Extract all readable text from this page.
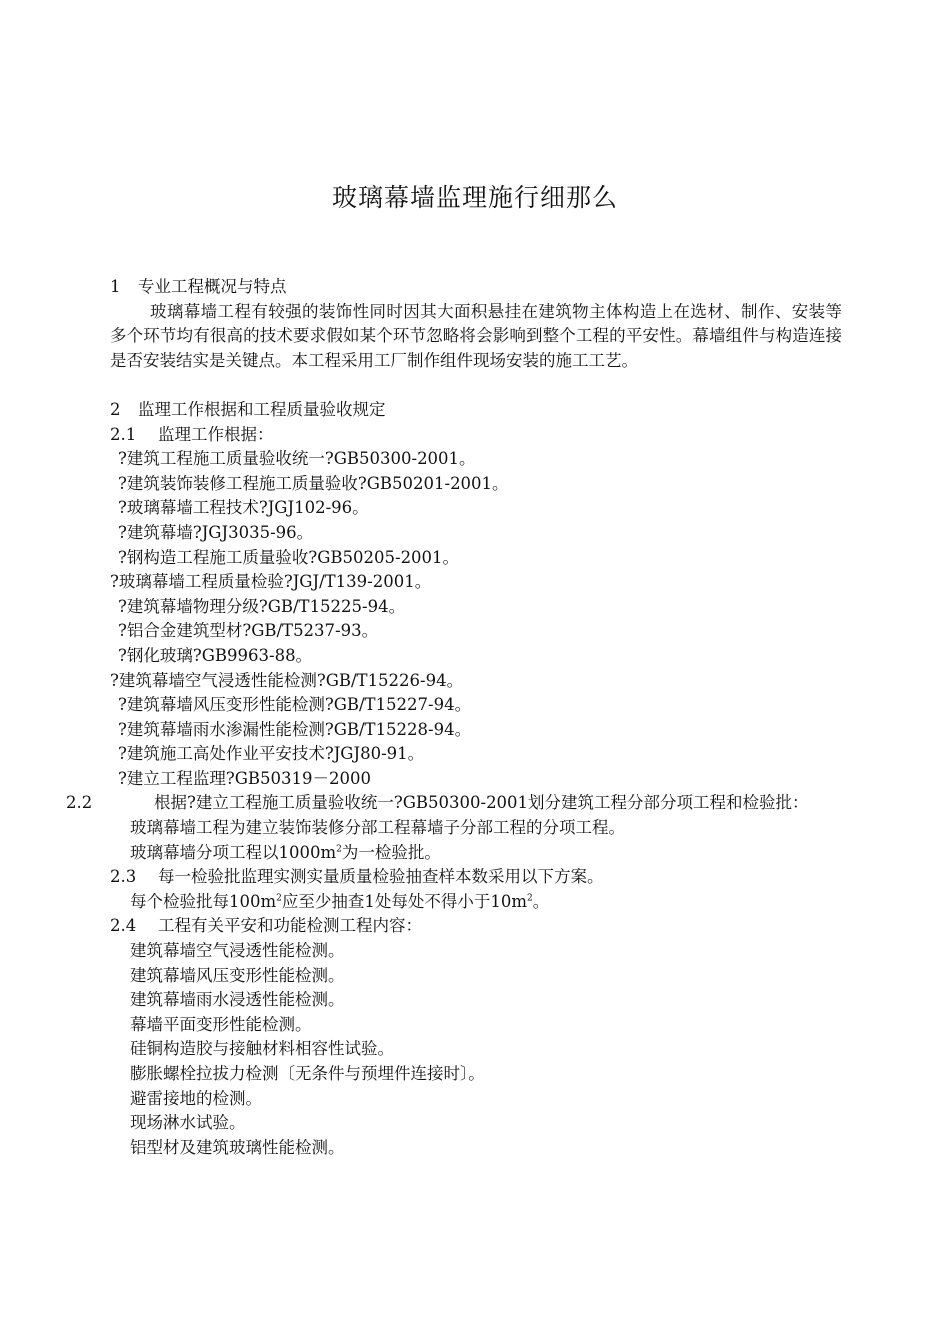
玻璃幕墙监理施行细那么
1 专业工程概况与特点
玻璃幕墙工程有较强的装饰性同时因其大面积悬挂在建筑物主体构造上在选材、制作、安装等多个环节均有很高的技术要求假如某个环节忽略将会影响到整个工程的平安性。幕墙组件与构造连接是否安装结实是关键点。本工程采用工厂制作组件现场安装的施工工艺。
2 监理工作根据和工程质量验收规定
2.1 监理工作根据：
?建筑工程施工质量验收统一?GB50300-2001。
?建筑装饰装修工程施工质量验收?GB50201-2001。
?玻璃幕墙工程技术?JGJ102-96。
?建筑幕墙?JGJ3035-96。
?钢构造工程施工质量验收?GB50205-2001。
?玻璃幕墙工程质量检验?JGJ/T139-2001。
?建筑幕墙物理分级?GB/T15225-94。
?铝合金建筑型材?GB/T5237-93。
?钢化玻璃?GB9963-88。
?建筑幕墙空气浸透性能检测?GB/T15226-94。
?建筑幕墙风压变形性能检测?GB/T15227-94。
?建筑幕墙雨水渗漏性能检测?GB/T15228-94。
?建筑施工高处作业平安技术?JGJ80-91。
?建立工程监理?GB50319－2000
2.2	根据?建立工程施工质量验收统一?GB50300-2001划分建筑工程分部分项工程和检验批：
玻璃幕墙工程为建立装饰装修分部工程幕墙子分部工程的分项工程。
玻璃幕墙分项工程以$1000m^2$为一检验批。
2.3 每一检验批监理实测实量质量检验抽查样本数采用以下方案。
每个检验批每$100m^2$应至少抽查1处每处不得小于$10m^2$。
2.4 工程有关平安和功能检测工程内容：
建筑幕墙空气浸透性能检测。
建筑幕墙风压变形性能检测。
建筑幕墙雨水浸透性能检测。
幕墙平面变形性能检测。
硅铜构造胶与接触材料相容性试验。
膨胀螺栓拉拔力检测〔无条件与预埋件连接时〕。
避雷接地的检测。
现场淋水试验。
铝型材及建筑玻璃性能检测。
